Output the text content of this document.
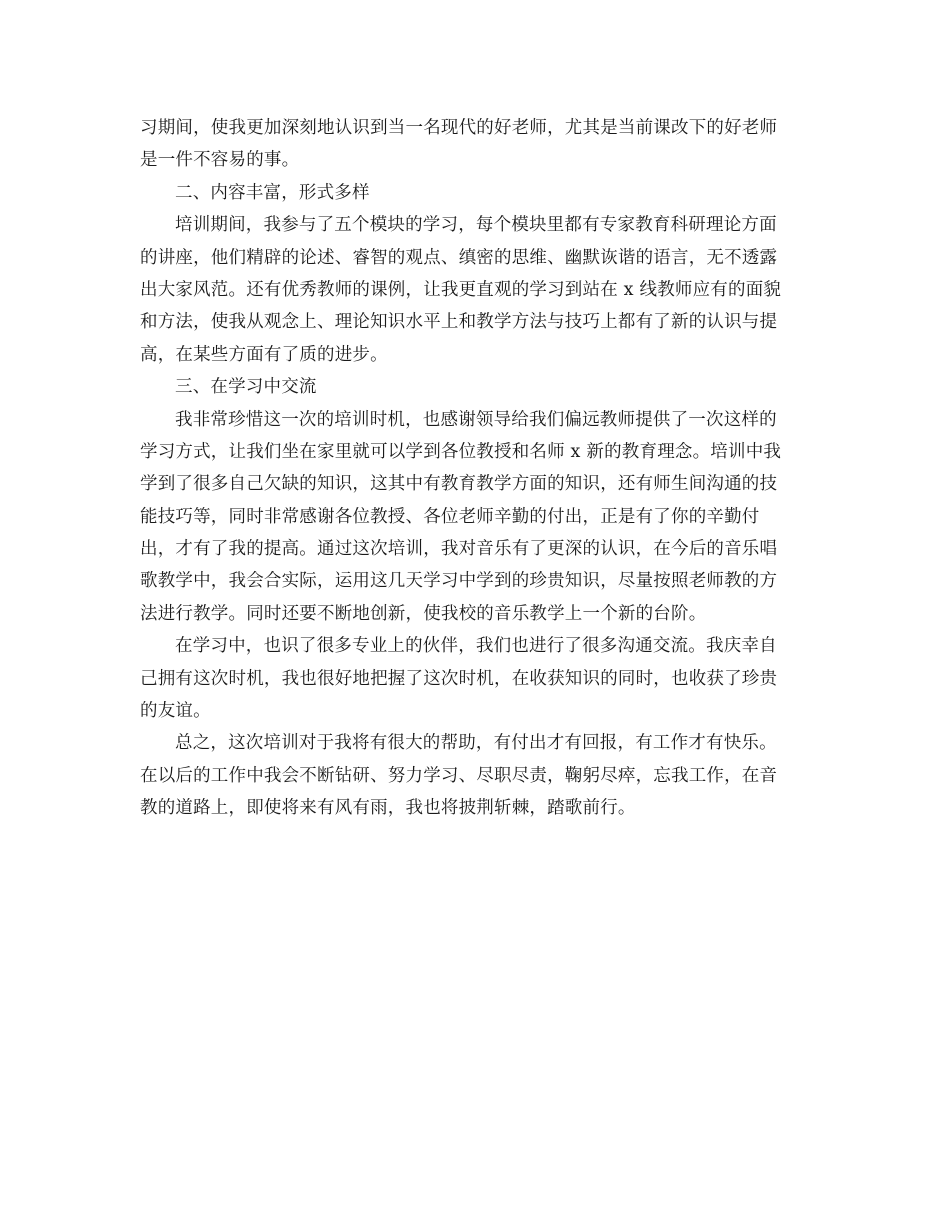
习期间，使我更加深刻地认识到当一名现代的好老师，尤其是当前课改下的好老师
是一件不容易的事。
二、内容丰富，形式多样
培训期间，我参与了五个模块的学习，每个模块里都有专家教育科研理论方面
的讲座，他们精辟的论述、睿智的观点、缜密的思维、幽默诙谐的语言，无不透露
出大家风范。还有优秀教师的课例，让我更直观的学习到站在 x 线教师应有的面貌
和方法，使我从观念上、理论知识水平上和教学方法与技巧上都有了新的认识与提
高，在某些方面有了质的进步。
三、在学习中交流
我非常珍惜这一次的培训时机，也感谢领导给我们偏远教师提供了一次这样的
学习方式，让我们坐在家里就可以学到各位教授和名师 x 新的教育理念。培训中我
学到了很多自己欠缺的知识，这其中有教育教学方面的知识，还有师生间沟通的技
能技巧等，同时非常感谢各位教授、各位老师辛勤的付出，正是有了你的辛勤付
出，才有了我的提高。通过这次培训，我对音乐有了更深的认识，在今后的音乐唱
歌教学中，我会合实际，运用这几天学习中学到的珍贵知识，尽量按照老师教的方
法进行教学。同时还要不断地创新，使我校的音乐教学上一个新的台阶。
在学习中，也识了很多专业上的伙伴，我们也进行了很多沟通交流。我庆幸自
己拥有这次时机，我也很好地把握了这次时机，在收获知识的同时，也收获了珍贵
的友谊。
总之，这次培训对于我将有很大的帮助，有付出才有回报，有工作才有快乐。
在以后的工作中我会不断钻研、努力学习、尽职尽责，鞠躬尽瘁，忘我工作，在音
教的道路上，即使将来有风有雨，我也将披荆斩棘，踏歌前行。
